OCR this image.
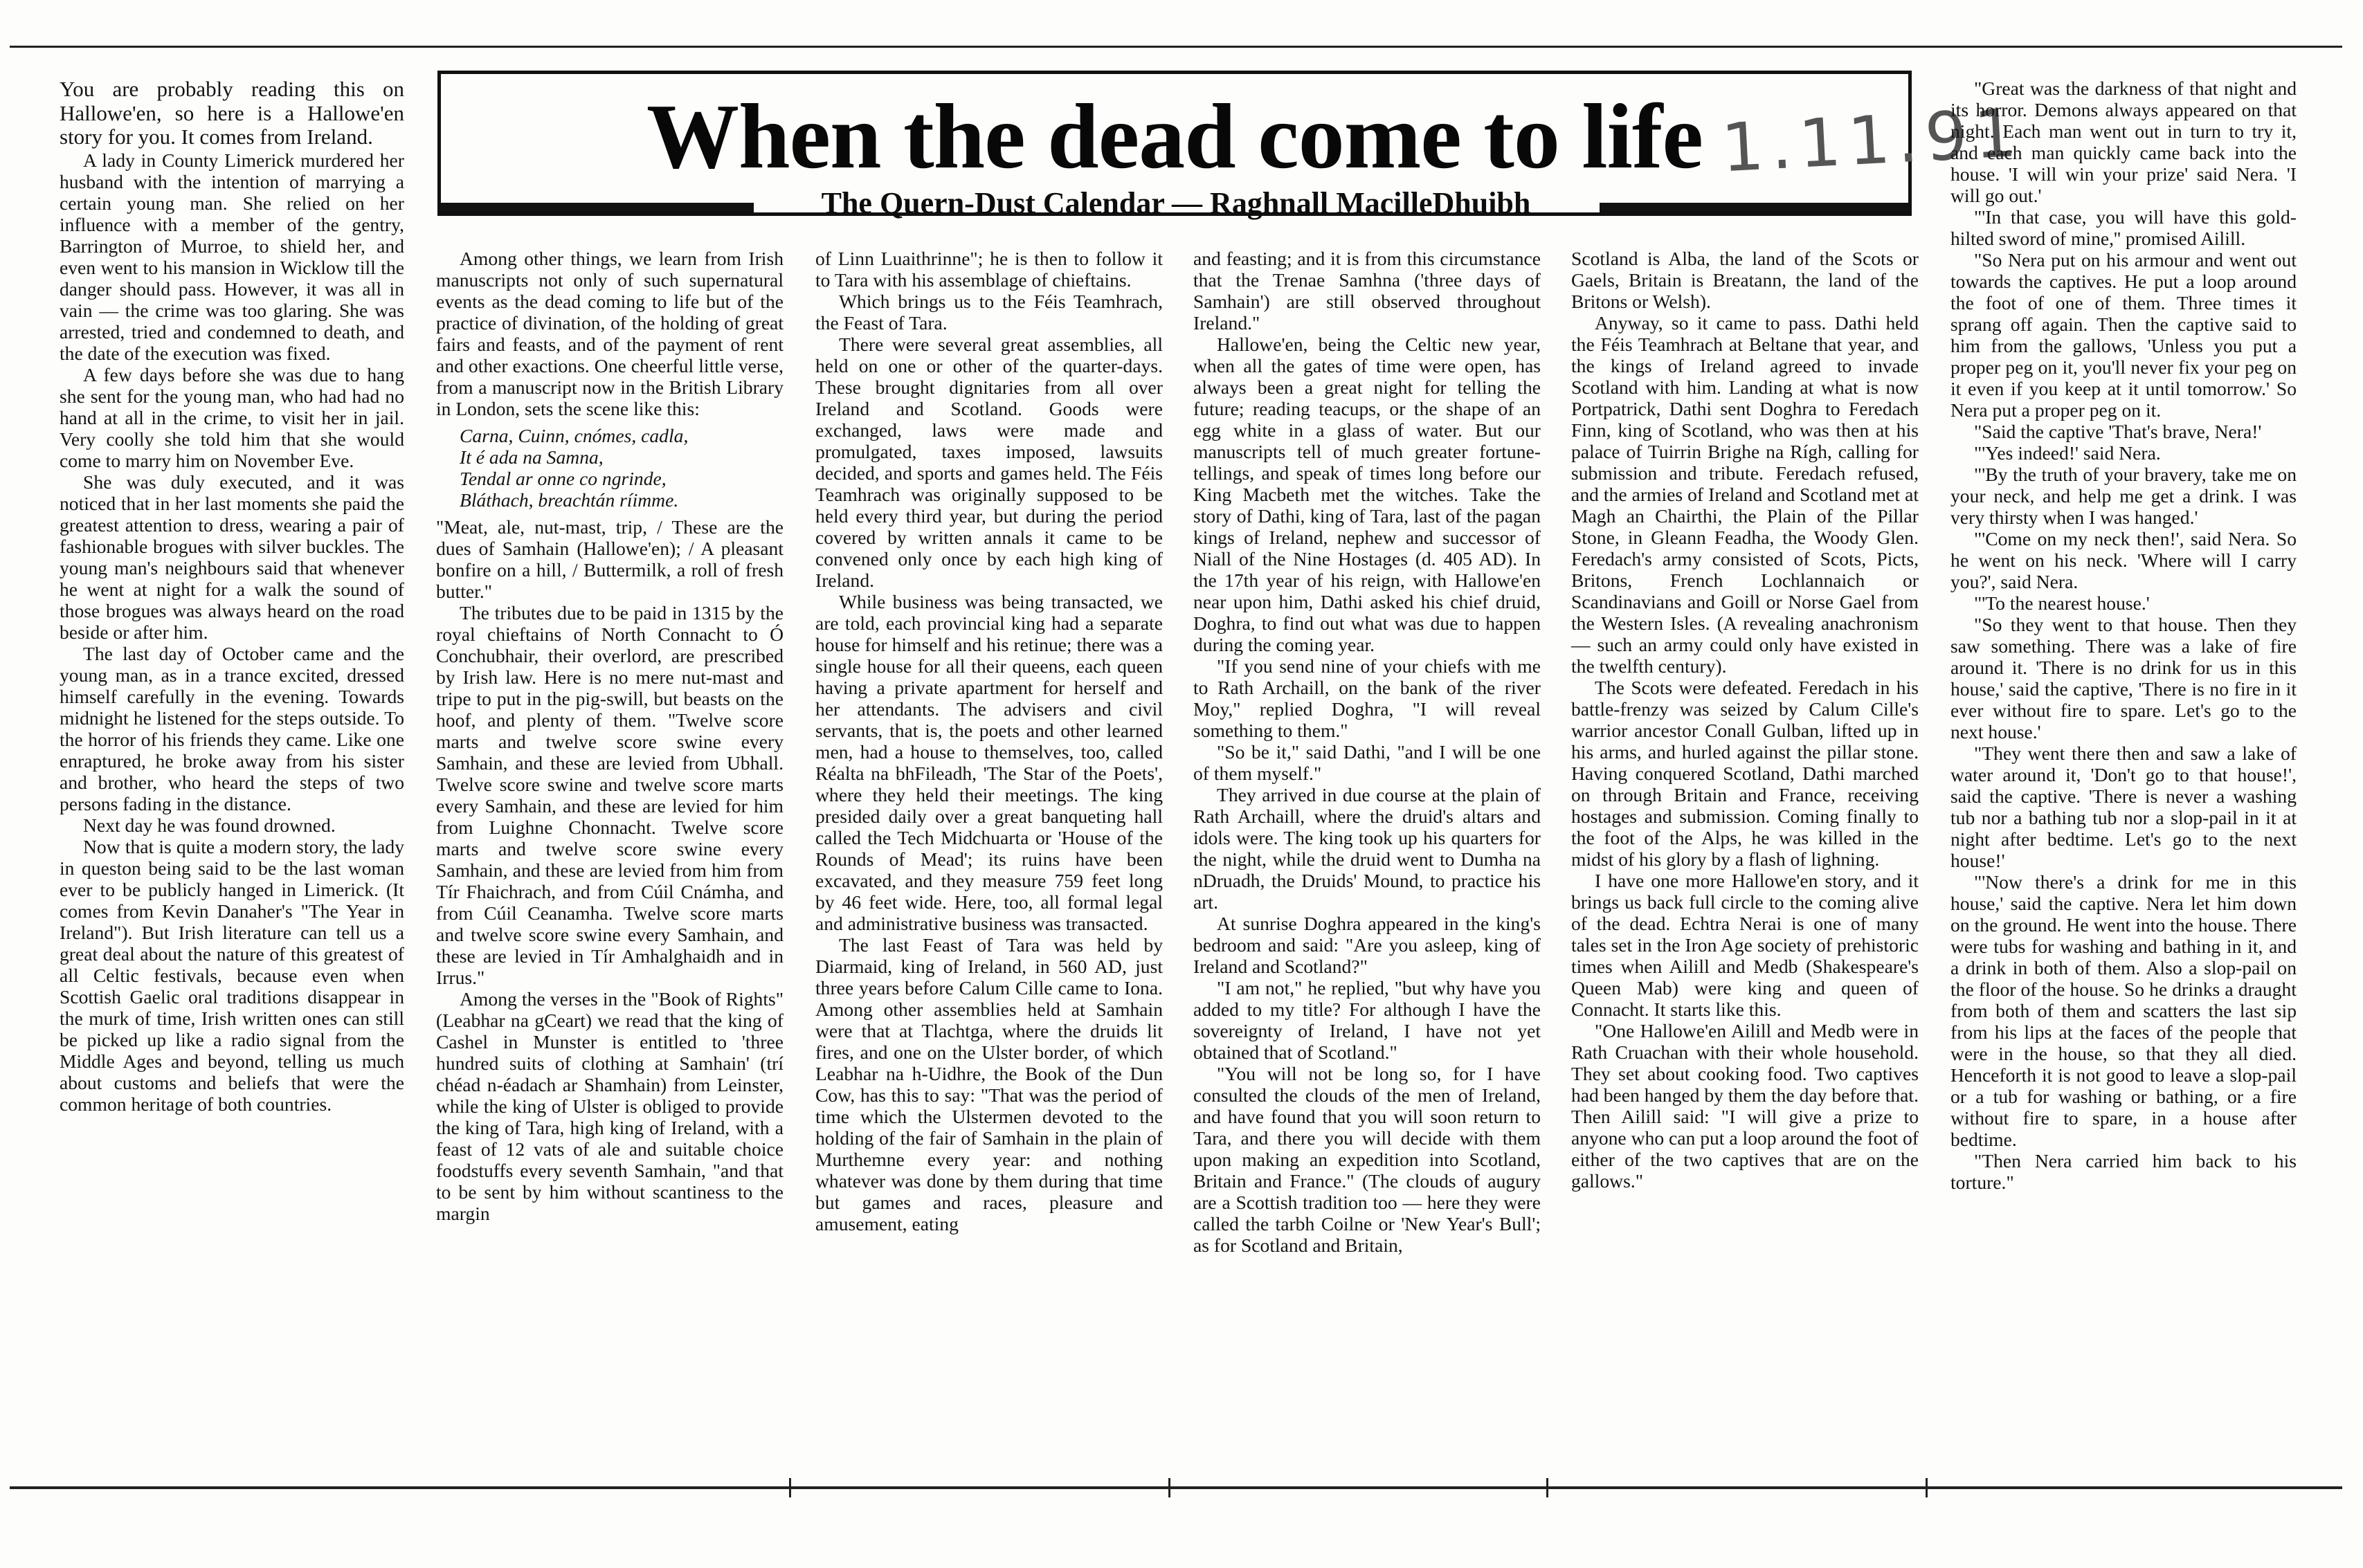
When the dead come to life 1.11.91
The Quern-Dust Calendar — Raghnall MacilleDhuibh

You are probably reading this on Hallowe'en, so here is a Hallowe'en story for you. It comes from Ireland.

A lady in County Limerick murdered her husband with the intention of marrying a certain young man. She relied on her influence with a member of the gentry, Barrington of Murroe, to shield her, and even went to his mansion in Wicklow till the danger should pass. However, it was all in vain — the crime was too glaring. She was arrested, tried and condemned to death, and the date of the execution was fixed.

A few days before she was due to hang she sent for the young man, who had had no hand at all in the crime, to visit her in jail. Very coolly she told him that she would come to marry him on November Eve.

She was duly executed, and it was noticed that in her last moments she paid the greatest attention to dress, wearing a pair of fashionable brogues with silver buckles. The young man's neighbours said that whenever he went at night for a walk the sound of those brogues was always heard on the road beside or after him.

The last day of October came and the young man, as in a trance excited, dressed himself carefully in the evening. Towards midnight he listened for the steps outside. To the horror of his friends they came. Like one enraptured, he broke away from his sister and brother, who heard the steps of two persons fading in the distance.

Next day he was found drowned.

Now that is quite a modern story, the lady in queston being said to be the last woman ever to be publicly hanged in Limerick. (It comes from Kevin Danaher's "The Year in Ireland"). But Irish literature can tell us a great deal about the nature of this greatest of all Celtic festivals, because even when Scottish Gaelic oral traditions disappear in the murk of time, Irish written ones can still be picked up like a radio signal from the Middle Ages and beyond, telling us much about customs and beliefs that were the common heritage of both countries.

Among other things, we learn from Irish manuscripts not only of such supernatural events as the dead coming to life but of the practice of divination, of the holding of great fairs and feasts, and of the payment of rent and other exactions. One cheerful little verse, from a manuscript now in the British Library in London, sets the scene like this:

Carna, Cuinn, cnómes, cadla,
It é ada na Samna,
Tendal ar onne co ngrinde,
Bláthach, breachtán ríimme.

"Meat, ale, nut-mast, trip, / These are the dues of Samhain (Hallowe'en); / A pleasant bonfire on a hill, / Buttermilk, a roll of fresh butter."

The tributes due to be paid in 1315 by the royal chieftains of North Connacht to Ó Conchubhair, their overlord, are prescribed by Irish law. Here is no mere nut-mast and tripe to put in the pig-swill, but beasts on the hoof, and plenty of them. "Twelve score marts and twelve score swine every Samhain, and these are levied from Ubhall. Twelve score swine and twelve score marts every Samhain, and these are levied for him from Luighne Chonnacht. Twelve score marts and twelve score swine every Samhain, and these are levied from him from Tír Fhaichrach, and from Cúil Cnámha, and from Cúil Ceanamha. Twelve score marts and twelve score swine every Samhain, and these are levied in Tír Amhalghaidh and in Irrus."

Among the verses in the "Book of Rights" (Leabhar na gCeart) we read that the king of Cashel in Munster is entitled to 'three hundred suits of clothing at Samhain' (trí chéad n-éadach ar Shamhain) from Leinster, while the king of Ulster is obliged to provide the king of Tara, high king of Ireland, with a feast of 12 vats of ale and suitable choice foodstuffs every seventh Samhain, "and that to be sent by him without scantiness to the margin

of Linn Luaithrinne"; he is then to follow it to Tara with his assemblage of chieftains.

Which brings us to the Féis Teamhrach, the Feast of Tara.

There were several great assemblies, all held on one or other of the quarter-days. These brought dignitaries from all over Ireland and Scotland. Goods were exchanged, laws were made and promulgated, taxes imposed, lawsuits decided, and sports and games held. The Féis Teamhrach was originally supposed to be held every third year, but during the period covered by written annals it came to be convened only once by each high king of Ireland.

While business was being transacted, we are told, each provincial king had a separate house for himself and his retinue; there was a single house for all their queens, each queen having a private apartment for herself and her attendants. The advisers and civil servants, that is, the poets and other learned men, had a house to themselves, too, called Réalta na bhFileadh, 'The Star of the Poets', where they held their meetings. The king presided daily over a great banqueting hall called the Tech Midchuarta or 'House of the Rounds of Mead'; its ruins have been excavated, and they measure 759 feet long by 46 feet wide. Here, too, all formal legal and administrative business was transacted.

The last Feast of Tara was held by Diarmaid, king of Ireland, in 560 AD, just three years before Calum Cille came to Iona. Among other assemblies held at Samhain were that at Tlachtga, where the druids lit fires, and one on the Ulster border, of which Leabhar na h-Uidhre, the Book of the Dun Cow, has this to say: "That was the period of time which the Ulstermen devoted to the holding of the fair of Samhain in the plain of Murthemne every year: and nothing whatever was done by them during that time but games and races, pleasure and amusement, eating

and feasting; and it is from this circumstance that the Trenae Samhna ('three days of Samhain') are still observed throughout Ireland."

Hallowe'en, being the Celtic new year, when all the gates of time were open, has always been a great night for telling the future; reading teacups, or the shape of an egg white in a glass of water. But our manuscripts tell of much greater fortune-tellings, and speak of times long before our King Macbeth met the witches. Take the story of Dathi, king of Tara, last of the pagan kings of Ireland, nephew and successor of Niall of the Nine Hostages (d. 405 AD). In the 17th year of his reign, with Hallowe'en near upon him, Dathi asked his chief druid, Doghra, to find out what was due to happen during the coming year.

"If you send nine of your chiefs with me to Rath Archaill, on the bank of the river Moy," replied Doghra, "I will reveal something to them."

"So be it," said Dathi, "and I will be one of them myself."

They arrived in due course at the plain of Rath Archaill, where the druid's altars and idols were. The king took up his quarters for the night, while the druid went to Dumha na nDruadh, the Druids' Mound, to practice his art.

At sunrise Doghra appeared in the king's bedroom and said: "Are you asleep, king of Ireland and Scotland?"

"I am not," he replied, "but why have you added to my title? For although I have the sovereignty of Ireland, I have not yet obtained that of Scotland."

"You will not be long so, for I have consulted the clouds of the men of Ireland, and have found that you will soon return to Tara, and there you will decide with them upon making an expedition into Scotland, Britain and France." (The clouds of augury are a Scottish tradition too — here they were called the tarbh Coilne or 'New Year's Bull'; as for Scotland and Britain,

Scotland is Alba, the land of the Scots or Gaels, Britain is Breatann, the land of the Britons or Welsh).

Anyway, so it came to pass. Dathi held the Féis Teamhrach at Beltane that year, and the kings of Ireland agreed to invade Scotland with him. Landing at what is now Portpatrick, Dathi sent Doghra to Feredach Finn, king of Scotland, who was then at his palace of Tuirrin Brighe na Rígh, calling for submission and tribute. Feredach refused, and the armies of Ireland and Scotland met at Magh an Chairthi, the Plain of the Pillar Stone, in Gleann Feadha, the Woody Glen. Feredach's army consisted of Scots, Picts, Britons, French Lochlannaich or Scandinavians and Goill or Norse Gael from the Western Isles. (A revealing anachronism — such an army could only have existed in the twelfth century).

The Scots were defeated. Feredach in his battle-frenzy was seized by Calum Cille's warrior ancestor Conall Gulban, lifted up in his arms, and hurled against the pillar stone. Having conquered Scotland, Dathi marched on through Britain and France, receiving hostages and submission. Coming finally to the foot of the Alps, he was killed in the midst of his glory by a flash of lighning.

I have one more Hallowe'en story, and it brings us back full circle to the coming alive of the dead. Echtra Nerai is one of many tales set in the Iron Age society of prehistoric times when Ailill and Medb (Shakespeare's Queen Mab) were king and queen of Connacht. It starts like this.

"One Hallowe'en Ailill and Medb were in Rath Cruachan with their whole household. They set about cooking food. Two captives had been hanged by them the day before that. Then Ailill said: "I will give a prize to anyone who can put a loop around the foot of either of the two captives that are on the gallows."

"Great was the darkness of that night and its horror. Demons always appeared on that night. Each man went out in turn to try it, and each man quickly came back into the house. 'I will win your prize' said Nera. 'I will go out.'

"'In that case, you will have this gold-hilted sword of mine,'' promised Ailill.

"So Nera put on his armour and went out towards the captives. He put a loop around the foot of one of them. Three times it sprang off again. Then the captive said to him from the gallows, 'Unless you put a proper peg on it, you'll never fix your peg on it even if you keep at it until tomorrow.' So Nera put a proper peg on it.

"Said the captive 'That's brave, Nera!'

"'Yes indeed!' said Nera.

"'By the truth of your bravery, take me on your neck, and help me get a drink. I was very thirsty when I was hanged.'

"'Come on my neck then!', said Nera. So he went on his neck. 'Where will I carry you?', said Nera.

"'To the nearest house.'

"So they went to that house. Then they saw something. There was a lake of fire around it. 'There is no drink for us in this house,' said the captive, 'There is no fire in it ever without fire to spare. Let's go to the next house.'

"They went there then and saw a lake of water around it, 'Don't go to that house!', said the captive. 'There is never a washing tub nor a bathing tub nor a slop-pail in it at night after bedtime. Let's go to the next house!'

"'Now there's a drink for me in this house,' said the captive. Nera let him down on the ground. He went into the house. There were tubs for washing and bathing in it, and a drink in both of them. Also a slop-pail on the floor of the house. So he drinks a draught from both of them and scatters the last sip from his lips at the faces of the people that were in the house, so that they all died. Henceforth it is not good to leave a slop-pail or a tub for washing or bathing, or a fire without fire to spare, in a house after bedtime.

"Then Nera carried him back to his torture."
